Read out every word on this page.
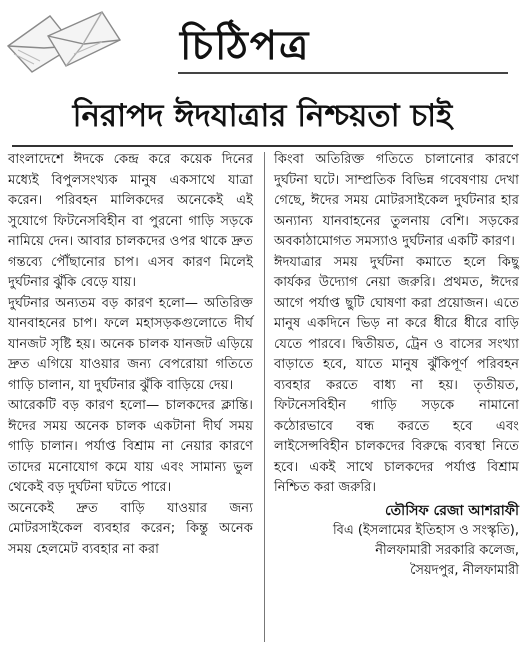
চিঠিপত্র
নিরাপদ ঈদযাত্রার নিশ্চয়তা চাই

বাংলাদেশে ঈদকে কেন্দ্র করে কয়েক দিনের মধ্যেই বিপুলসংখ্যক মানুষ একসাথে যাত্রা করেন। পরিবহন মালিকদের অনেকেই এই সুযোগে ফিটনেসবিহীন বা পুরনো গাড়ি সড়কে নামিয়ে দেন। আবার চালকদের ওপর থাকে দ্রুত গন্তব্যে পৌঁছানোর চাপ। এসব কারণ মিলেই দুর্ঘটনার ঝুঁকি বেড়ে যায়।

দুর্ঘটনার অন্যতম বড় কারণ হলো— অতিরিক্ত যানবাহনের চাপ। ফলে মহাসড়কগুলোতে দীর্ঘ যানজট সৃষ্টি হয়। অনেক চালক যানজট এড়িয়ে দ্রুত এগিয়ে যাওয়ার জন্য বেপরোয়া গতিতে গাড়ি চালান, যা দুর্ঘটনার ঝুঁকি বাড়িয়ে দেয়।

আরেকটি বড় কারণ হলো— চালকদের ক্লান্তি। ঈদের সময় অনেক চালক একটানা দীর্ঘ সময় গাড়ি চালান। পর্যাপ্ত বিশ্রাম না নেয়ার কারণে তাদের মনোযোগ কমে যায় এবং সামান্য ভুল থেকেই বড় দুর্ঘটনা ঘটতে পারে।

অনেকেই দ্রুত বাড়ি যাওয়ার জন্য মোটরসাইকেল ব্যবহার করেন; কিন্তু অনেক সময় হেলমেট ব্যবহার না করা

কিংবা অতিরিক্ত গতিতে চালানোর কারণে দুর্ঘটনা ঘটে। সাম্প্রতিক বিভিন্ন গবেষণায় দেখা গেছে, ঈদের সময় মোটরসাইকেল দুর্ঘটনার হার অন্যান্য যানবাহনের তুলনায় বেশি। সড়কের অবকাঠামোগত সমস্যাও দুর্ঘটনার একটি কারণ।

ঈদযাত্রার সময় দুর্ঘটনা কমাতে হলে কিছু কার্যকর উদ্যোগ নেয়া জরুরি। প্রথমত, ঈদের আগে পর্যাপ্ত ছুটি ঘোষণা করা প্রয়োজন। এতে মানুষ একদিনে ভিড় না করে ধীরে ধীরে বাড়ি যেতে পারবে। দ্বিতীয়ত, ট্রেন ও বাসের সংখ্যা বাড়াতে হবে, যাতে মানুষ ঝুঁকিপূর্ণ পরিবহন ব্যবহার করতে বাধ্য না হয়। তৃতীয়ত, ফিটনেসবিহীন গাড়ি সড়কে নামানো কঠোরভাবে বন্ধ করতে হবে এবং লাইসেন্সবিহীন চালকদের বিরুদ্ধে ব্যবস্থা নিতে হবে। একই সাথে চালকদের পর্যাপ্ত বিশ্রাম নিশ্চিত করা জরুরি।

তৌসিফ রেজা আশরাফী
বিএ (ইসলামের ইতিহাস ও সংস্কৃতি),
নীলফামারী সরকারি কলেজ,
সৈয়দপুর, নীলফামারী
